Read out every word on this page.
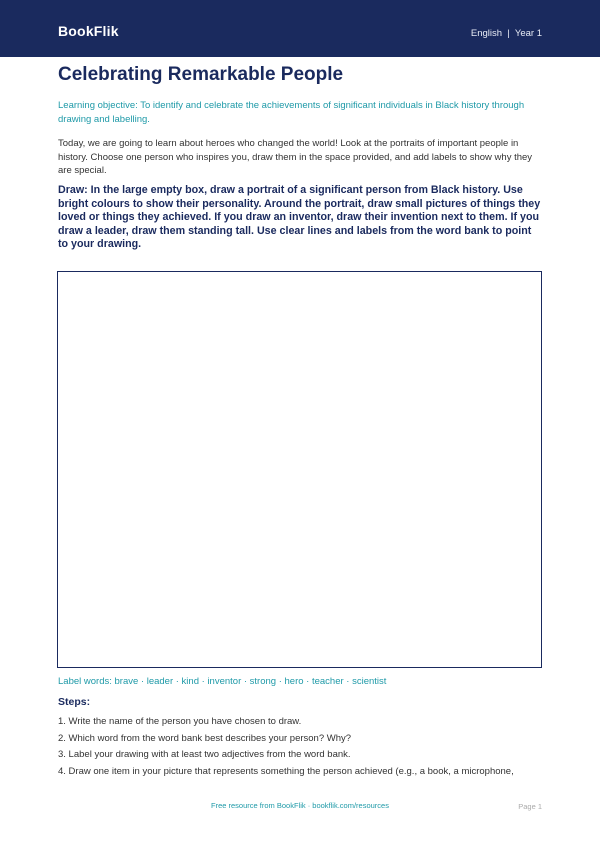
BookFlik	English  |  Year 1
Celebrating Remarkable People
Learning objective: To identify and celebrate the achievements of significant individuals in Black history through drawing and labelling.
Today, we are going to learn about heroes who changed the world! Look at the portraits of important people in history. Choose one person who inspires you, draw them in the space provided, and add labels to show why they are special.
Draw: In the large empty box, draw a portrait of a significant person from Black history. Use bright colours to show their personality. Around the portrait, draw small pictures of things they loved or things they achieved. If you draw an inventor, draw their invention next to them. If you draw a leader, draw them standing tall. Use clear lines and labels from the word bank to point to your drawing.
Label words: brave · leader · kind · inventor · strong · hero · teacher · scientist
Steps:
1. Write the name of the person you have chosen to draw.
2. Which word from the word bank best describes your person? Why?
3. Label your drawing with at least two adjectives from the word bank.
4. Draw one item in your picture that represents something the person achieved (e.g., a book, a microphone,
Free resource from BookFlik · bookflik.com/resources	Page 1
